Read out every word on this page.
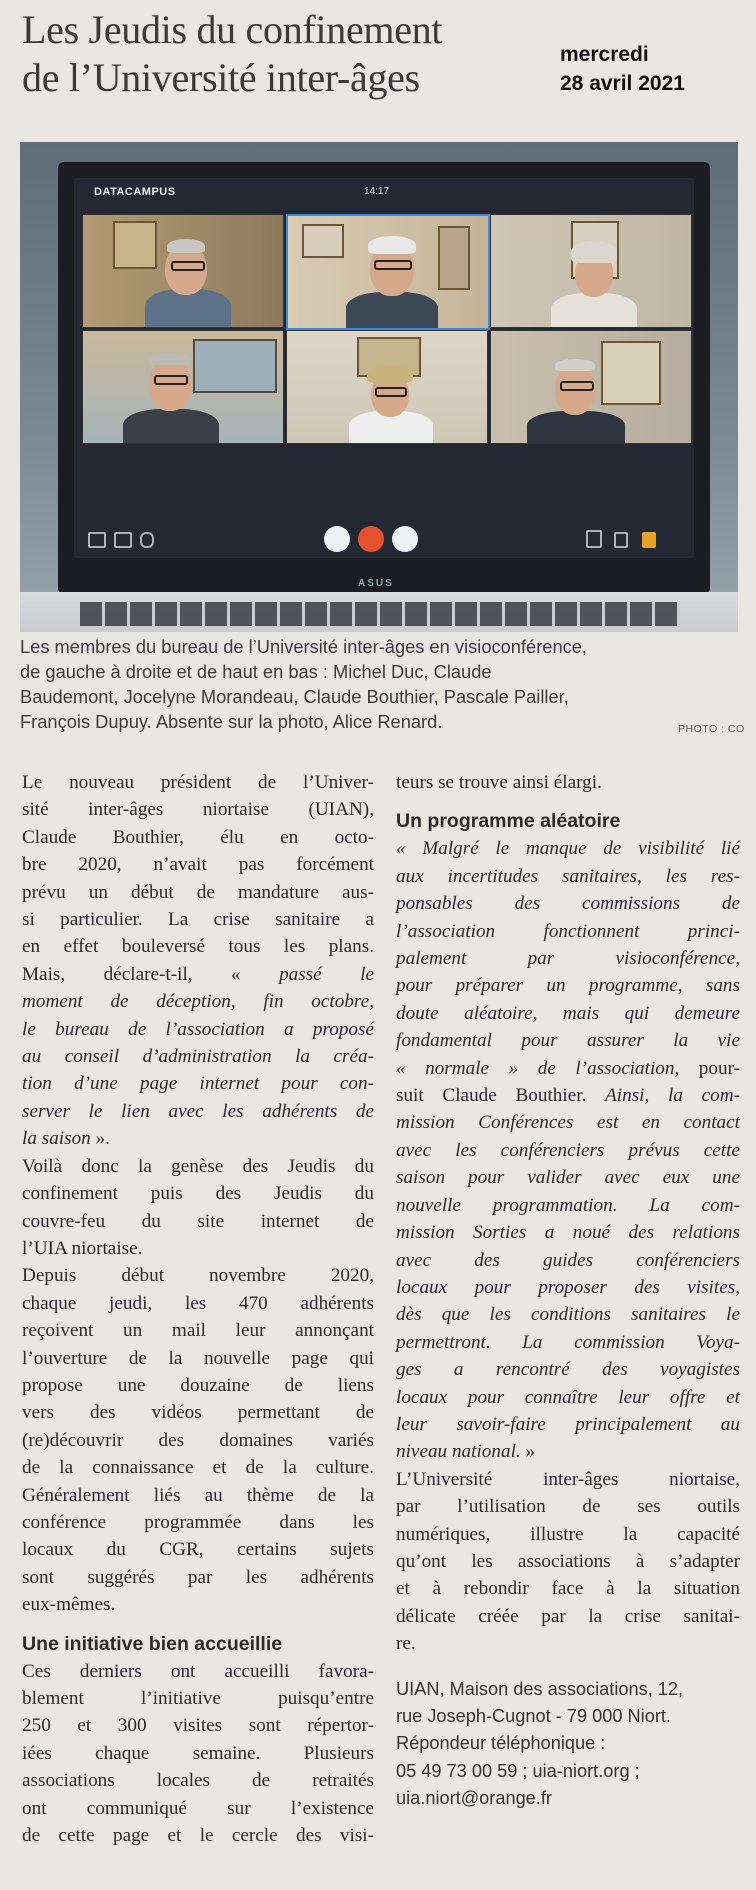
Les Jeudis du confinement
de l’Université inter-âges
mercredi
28 avril 2021
DATACAMPUS	14:17
ASUS
Les membres du bureau de l’Université inter-âges en visioconférence,
de gauche à droite et de haut en bas : Michel Duc, Claude
Baudemont, Jocelyne Morandeau, Claude Bouthier, Pascale Pailler,
François Dupuy. Absente sur la photo, Alice Renard.	PHOTO : CO
Le nouveau président de l’Univer-
sité inter-âges niortaise (UIAN),
Claude Bouthier, élu en octo-
bre 2020, n’avait pas forcément
prévu un début de mandature aus-
si particulier. La crise sanitaire a
en effet bouleversé tous les plans.
Mais, déclare-t-il, « passé le
moment de déception, fin octobre,
le bureau de l’association a proposé
au conseil d’administration la créa-
tion d’une page internet pour con-
server le lien avec les adhérents de
la saison ».
Voilà donc la genèse des Jeudis du
confinement puis des Jeudis du
couvre-feu du site internet de
l’UIA niortaise.
Depuis début novembre 2020,
chaque jeudi, les 470 adhérents
reçoivent un mail leur annonçant
l’ouverture de la nouvelle page qui
propose une douzaine de liens
vers des vidéos permettant de
(re)découvrir des domaines variés
de la connaissance et de la culture.
Généralement liés au thème de la
conférence programmée dans les
locaux du CGR, certains sujets
sont suggérés par les adhérents
eux-mêmes.
Une initiative bien accueillie
Ces derniers ont accueilli favora-
blement l’initiative puisqu’entre
250 et 300 visites sont répertor-
iées chaque semaine. Plusieurs
associations locales de retraités
ont communiqué sur l’existence
de cette page et le cercle des visi-
teurs se trouve ainsi élargi.
Un programme aléatoire
« Malgré le manque de visibilité lié
aux incertitudes sanitaires, les res-
ponsables des commissions de
l’association fonctionnent princi-
palement par visioconférence,
pour préparer un programme, sans
doute aléatoire, mais qui demeure
fondamental pour assurer la vie
« normale » de l’association, pour-
suit Claude Bouthier. Ainsi, la com-
mission Conférences est en contact
avec les conférenciers prévus cette
saison pour valider avec eux une
nouvelle programmation. La com-
mission Sorties a noué des relations
avec des guides conférenciers
locaux pour proposer des visites,
dès que les conditions sanitaires le
permettront. La commission Voya-
ges a rencontré des voyagistes
locaux pour connaître leur offre et
leur savoir-faire principalement au
niveau national. »
L’Université inter-âges niortaise,
par l’utilisation de ses outils
numériques, illustre la capacité
qu’ont les associations à s’adapter
et à rebondir face à la situation
délicate créée par la crise sanitai-
re.
UIAN, Maison des associations, 12,
rue Joseph-Cugnot - 79 000 Niort.
Répondeur téléphonique :
05 49 73 00 59 ; uia-niort.org ;
uia.niort@orange.fr
